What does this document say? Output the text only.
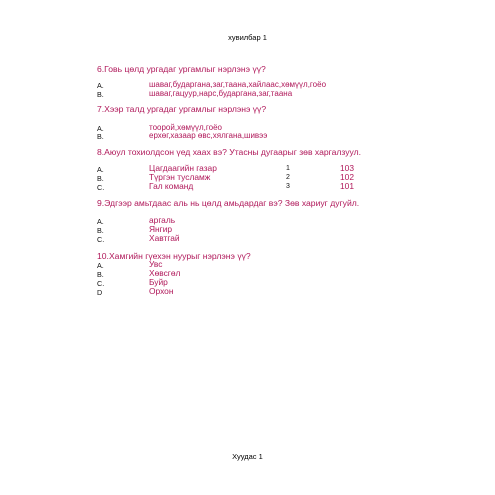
хувилбар 1
6.Говь цөлд ургадаг ургамлыг нэрлэнэ үү?
A.	шаваг,бударгана,заг,таана,хайлаас,хөмүүл,гоёо
B.	шаваг,гацуур,нарс,бударгана,заг,таана
7.Хээр талд ургадаг ургамлыг нэрлэнэ үү?
A.	тоорой,хөмүүл,гоёо
B.	ерхөг,хазаар өвс,хялгана,шивээ
8.Аюул тохиолдсон үед хаах вэ? Утасны дугаарыг зөв харгалзуул.
A.	Цагдаагийн газар	1	103
B.	Түргэн тусламж	2	102
C.	Гал команд	3	101
9.Эдгээр амьтдаас аль нь цөлд амьдардаг вэ? Зөв хариуг дугуйл.
A.	аргаль
B.	Янгир
C.	Хавтгай
10.Хамгийн гүехэн нуурыг нэрлэнэ үү?
A.	Увс
B.	Хөвсгөл
C.	Буйр
D	Орхон
Хуудас 1
